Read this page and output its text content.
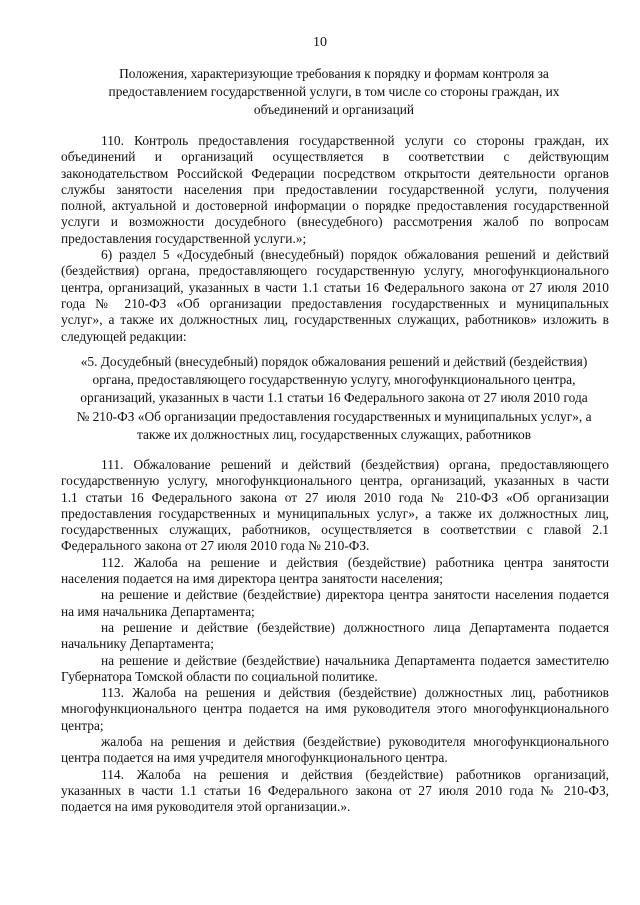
10
Положения, характеризующие требования к порядку и формам контроля за
предоставлением государственной услуги, в том числе со стороны граждан, их
объединений и организаций
110. Контроль предоставления государственной услуги со стороны граждан, их
объединений и организаций осуществляется в соответствии с действующим
законодательством Российской Федерации посредством открытости деятельности органов
службы занятости населения при предоставлении государственной услуги, получения
полной, актуальной и достоверной информации о порядке предоставления государственной
услуги и возможности досудебного (внесудебного) рассмотрения жалоб по вопросам
предоставления государственной услуги.»;
6) раздел 5 «Досудебный (внесудебный) порядок обжалования решений и действий
(бездействия) органа, предоставляющего государственную услугу, многофункционального
центра, организаций, указанных в части 1.1 статьи 16 Федерального закона от 27 июля 2010
года № 210-ФЗ «Об организации предоставления государственных и муниципальных
услуг», а также их должностных лиц, государственных служащих, работников» изложить в
следующей редакции:
«5. Досудебный (внесудебный) порядок обжалования решений и действий (бездействия)
органа, предоставляющего государственную услугу, многофункционального центра,
организаций, указанных в части 1.1 статьи 16 Федерального закона от 27 июля 2010 года
№ 210-ФЗ «Об организации предоставления государственных и муниципальных услуг», а
также их должностных лиц, государственных служащих, работников
111. Обжалование решений и действий (бездействия) органа, предоставляющего
государственную услугу, многофункционального центра, организаций, указанных в части
1.1 статьи 16 Федерального закона от 27 июля 2010 года № 210-ФЗ «Об организации
предоставления государственных и муниципальных услуг», а также их должностных лиц,
государственных служащих, работников, осуществляется в соответствии с главой 2.1
Федерального закона от 27 июля 2010 года № 210-ФЗ.
112. Жалоба на решение и действия (бездействие) работника центра занятости
населения подается на имя директора центра занятости населения;
на решение и действие (бездействие) директора центра занятости населения подается
на имя начальника Департамента;
на решение и действие (бездействие) должностного лица Департамента подается
начальнику Департамента;
на решение и действие (бездействие) начальника Департамента подается заместителю
Губернатора Томской области по социальной политике.
113. Жалоба на решения и действия (бездействие) должностных лиц, работников
многофункционального центра подается на имя руководителя этого многофункционального
центра;
жалоба на решения и действия (бездействие) руководителя многофункционального
центра подается на имя учредителя многофункционального центра.
114. Жалоба на решения и действия (бездействие) работников организаций,
указанных в части 1.1 статьи 16 Федерального закона от 27 июля 2010 года № 210-ФЗ,
подается на имя руководителя этой организации.».
